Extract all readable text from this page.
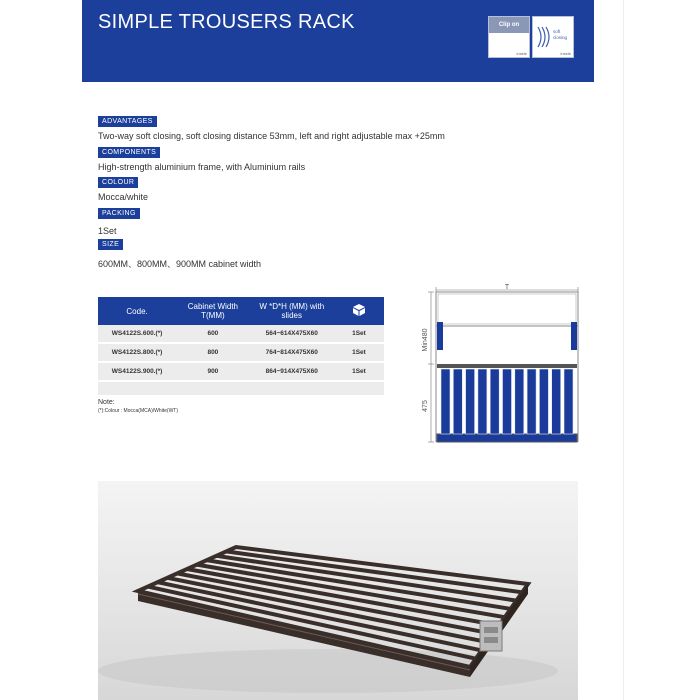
SIMPLE TROUSERS RACK	Clip on
inside
soft closing
inside
ADVANTAGES
Two-way soft closing, soft closing distance 53mm, left and right adjustable max +25mm
COMPONENTS
High-strength aluminium frame, with Aluminium rails
COLOUR
Mocca/white
PACKING
1Set
SIZE
600MM、800MM、900MM cabinet width
Code.	Cabinet Width T(MM)	W *D*H (MM) with slides	
WS4122S.600.(*)	600	564~614X475X60	1Set
WS4122S.800.(*)	800	764~814X475X60	1Set
WS4122S.900.(*)	900	864~914X475X60	1Set

Note:
(*):Colour : Mocca(MCA)/White(WT)
T
Min480
475
